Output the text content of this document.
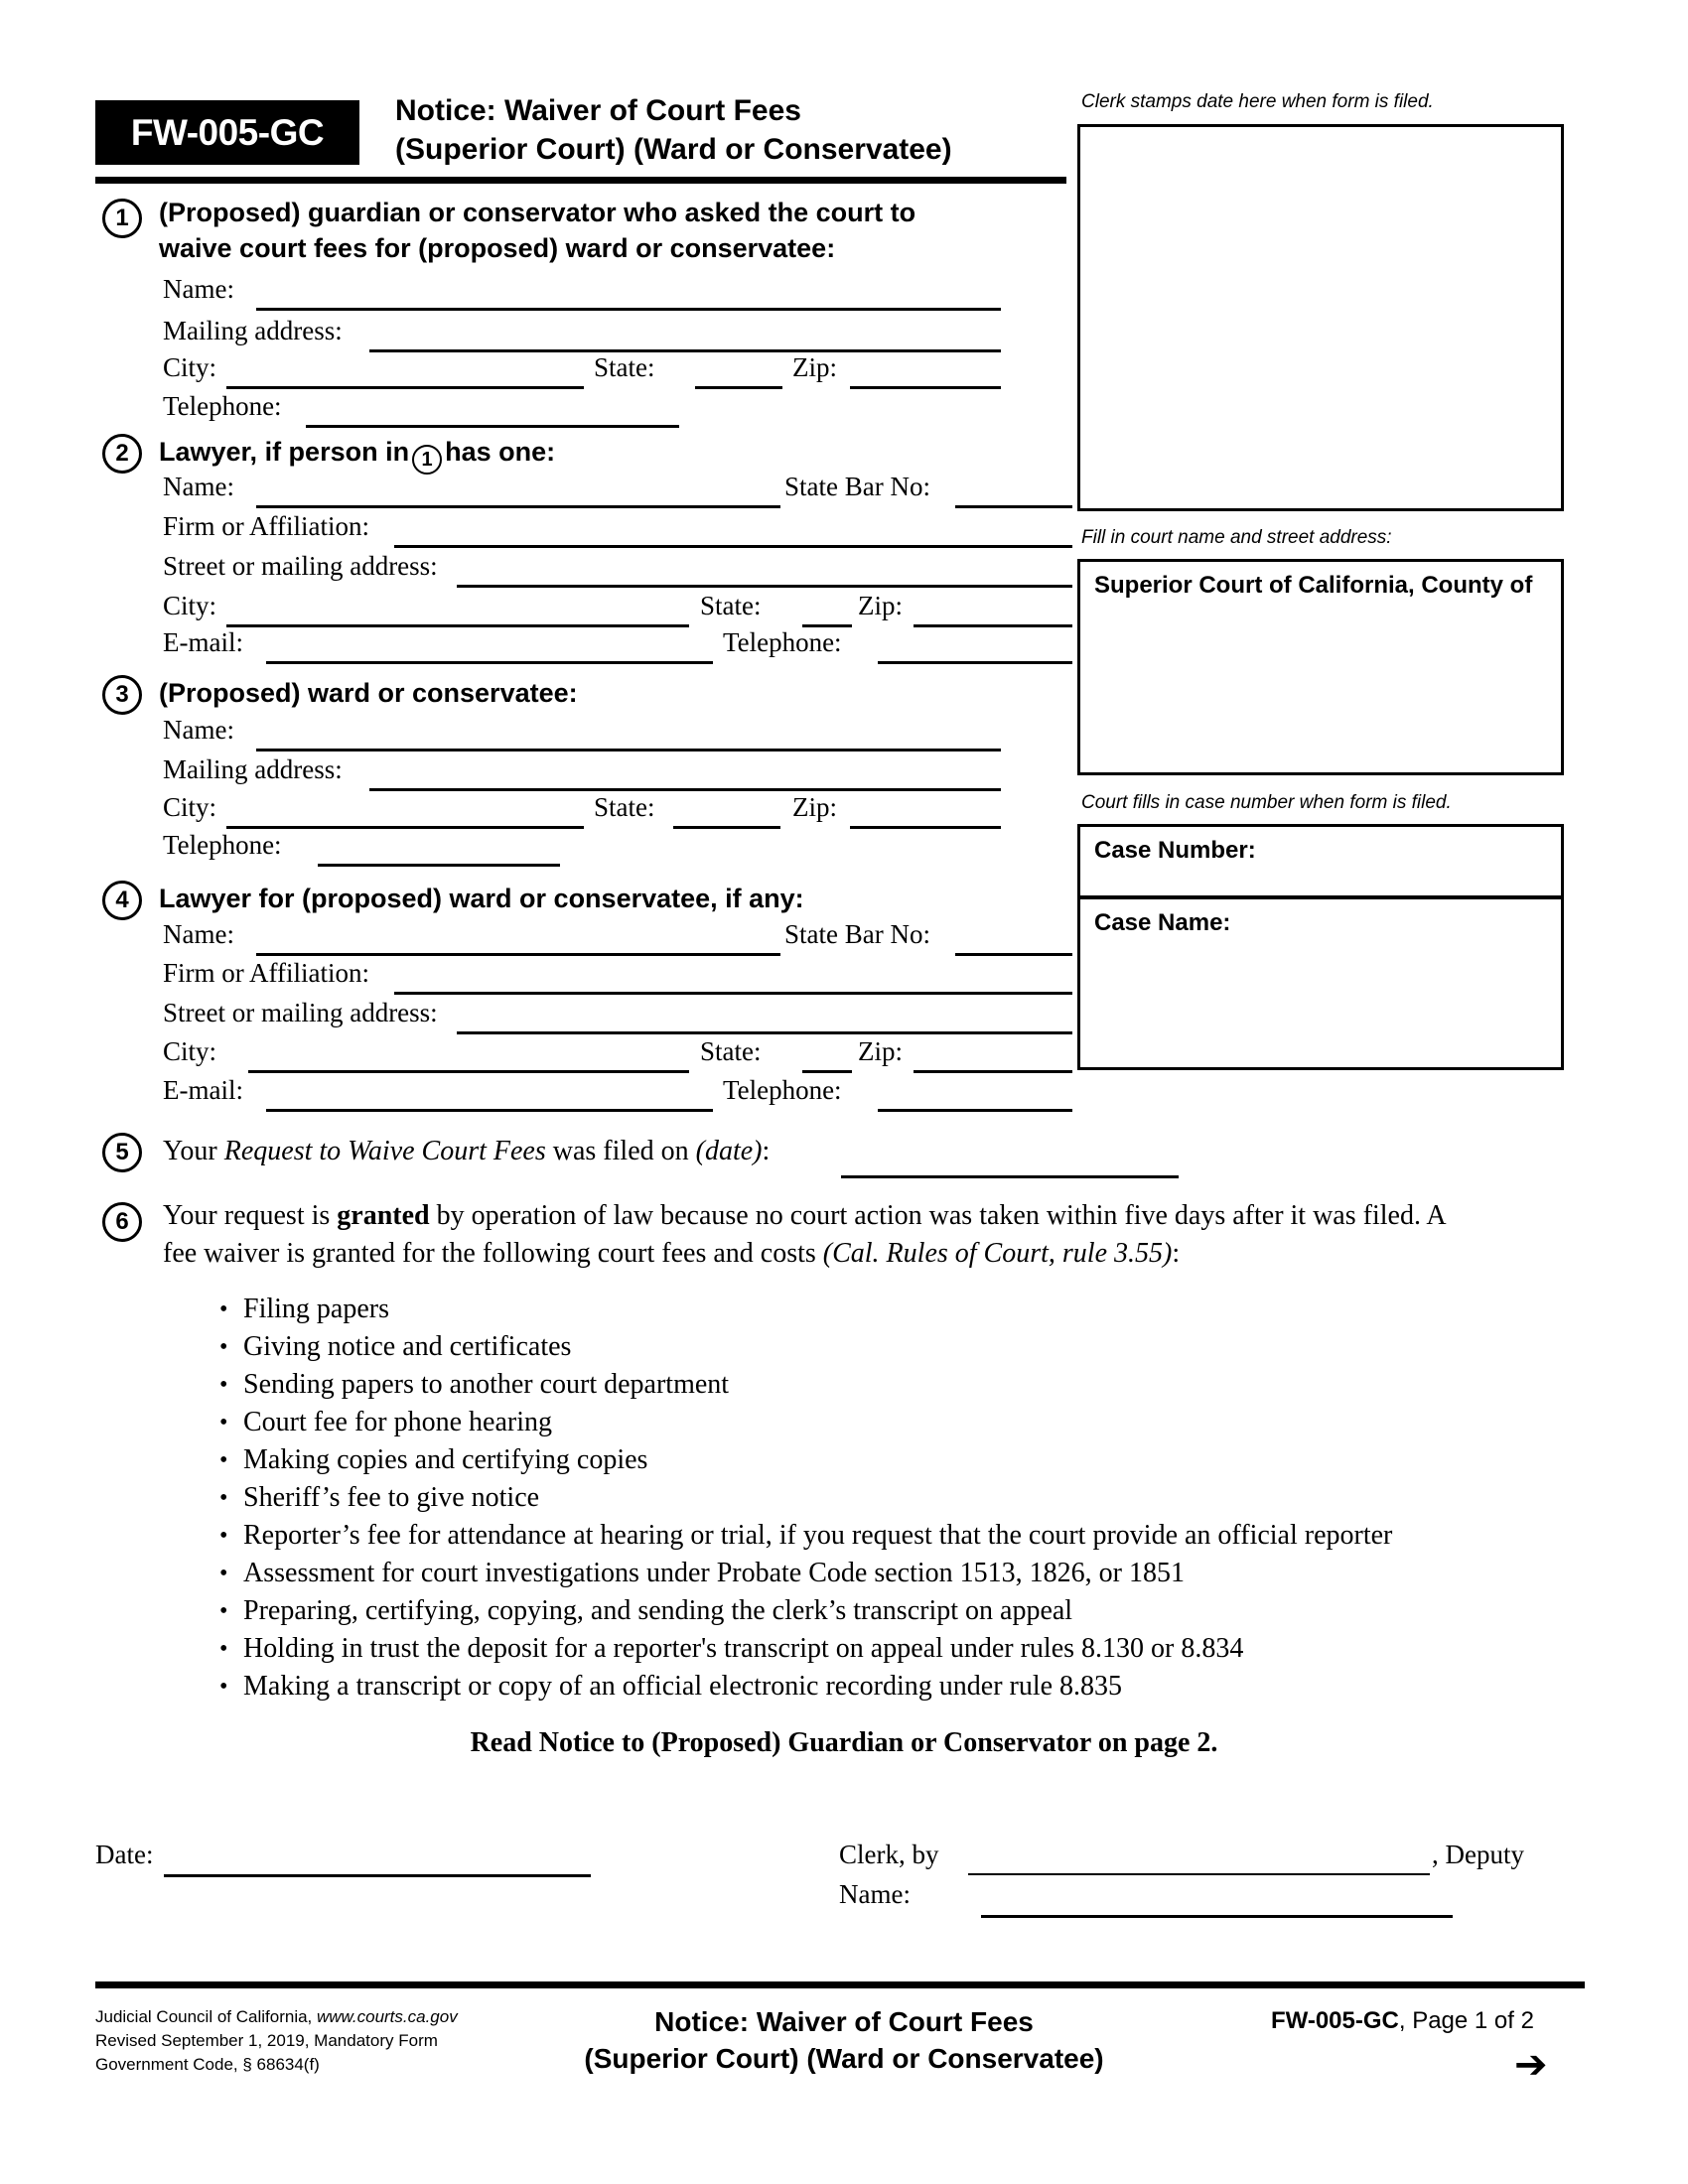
FW-005-GC
Notice: Waiver of Court Fees
(Superior Court) (Ward or Conservatee)
Clerk stamps date here when form is filed.
Fill in court name and street address:
Superior Court of California, County of
Court fills in case number when form is filed.
Case Number:
Case Name:
1	(Proposed) guardian or conservator who asked the court to
waive court fees for (proposed) ward or conservatee:
Name:
Mailing address:
City:	State:	Zip:
Telephone:
2	Lawyer, if person in 1 has one:
Name:	State Bar No:
Firm or Affiliation:
Street or mailing address:
City:	State:	Zip:
E-mail:	Telephone:
3	(Proposed) ward or conservatee:
Name:
Mailing address:
City:	State:	Zip:
Telephone:
4	Lawyer for (proposed) ward or conservatee, if any:
Name:	State Bar No:
Firm or Affiliation:
Street or mailing address:
City:	State:	Zip:
E-mail:	Telephone:
5	Your Request to Waive Court Fees was filed on (date):
6	Your request is granted by operation of law because no court action was taken within five days after it was filed. A
fee waiver is granted for the following court fees and costs (Cal. Rules of Court, rule 3.55):
• Filing papers
• Giving notice and certificates
• Sending papers to another court department
• Court fee for phone hearing
• Making copies and certifying copies
• Sheriff’s fee to give notice
• Reporter’s fee for attendance at hearing or trial, if you request that the court provide an official reporter
• Assessment for court investigations under Probate Code section 1513, 1826, or 1851
• Preparing, certifying, copying, and sending the clerk’s transcript on appeal
• Holding in trust the deposit for a reporter's transcript on appeal under rules 8.130 or 8.834
• Making a transcript or copy of an official electronic recording under rule 8.835
Read Notice to (Proposed) Guardian or Conservator on page 2.
Date:	Clerk, by	, Deputy
Name:
Judicial Council of California, www.courts.ca.gov
Revised September 1, 2019, Mandatory Form
Government Code, § 68634(f)
Notice: Waiver of Court Fees
(Superior Court) (Ward or Conservatee)
FW-005-GC, Page 1 of 2
➔
